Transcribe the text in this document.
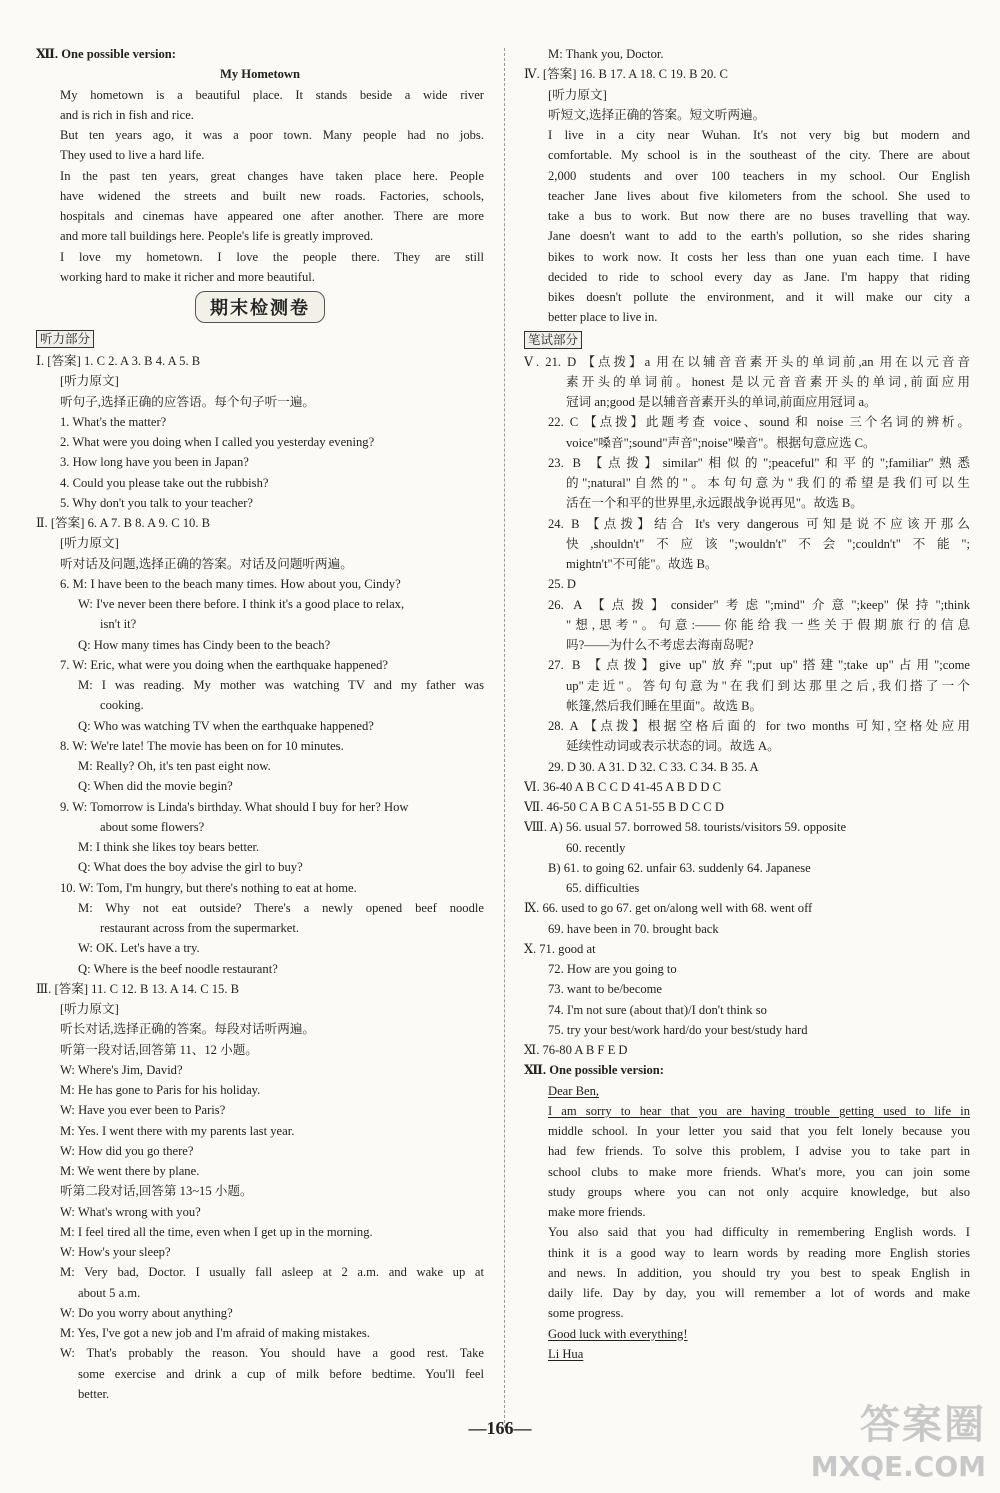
Ⅻ. One possible version:
My Hometown
My hometown is a beautiful place. It stands beside a wide river
and is rich in fish and rice.
But ten years ago, it was a poor town. Many people had no jobs.
They used to live a hard life.
In the past ten years, great changes have taken place here. People
have widened the streets and built new roads. Factories, schools,
hospitals and cinemas have appeared one after another. There are more
and more tall buildings here. People's life is greatly improved.
I love my hometown. I love the people there. They are still
working hard to make it richer and more beautiful.
期末检测卷
听力部分
Ⅰ. [答案] 1. C 2. A 3. B 4. A 5. B
[听力原文]
听句子,选择正确的应答语。每个句子听一遍。
1. What's the matter?
2. What were you doing when I called you yesterday evening?
3. How long have you been in Japan?
4. Could you please take out the rubbish?
5. Why don't you talk to your teacher?
Ⅱ. [答案] 6. A 7. B 8. A 9. C 10. B
[听力原文]
听对话及问题,选择正确的答案。对话及问题听两遍。
6. M: I have been to the beach many times. How about you, Cindy?
W: I've never been there before. I think it's a good place to relax,
isn't it?
Q: How many times has Cindy been to the beach?
7. W: Eric, what were you doing when the earthquake happened?
M: I was reading. My mother was watching TV and my father was
cooking.
Q: Who was watching TV when the earthquake happened?
8. W: We're late! The movie has been on for 10 minutes.
M: Really? Oh, it's ten past eight now.
Q: When did the movie begin?
9. W: Tomorrow is Linda's birthday. What should I buy for her? How
about some flowers?
M: I think she likes toy bears better.
Q: What does the boy advise the girl to buy?
10. W: Tom, I'm hungry, but there's nothing to eat at home.
M: Why not eat outside? There's a newly opened beef noodle
restaurant across from the supermarket.
W: OK. Let's have a try.
Q: Where is the beef noodle restaurant?
Ⅲ. [答案] 11. C 12. B 13. A 14. C 15. B
[听力原文]
听长对话,选择正确的答案。每段对话听两遍。
听第一段对话,回答第 11、12 小题。
W: Where's Jim, David?
M: He has gone to Paris for his holiday.
W: Have you ever been to Paris?
M: Yes. I went there with my parents last year.
W: How did you go there?
M: We went there by plane.
听第二段对话,回答第 13~15 小题。
W: What's wrong with you?
M: I feel tired all the time, even when I get up in the morning.
W: How's your sleep?
M: Very bad, Doctor. I usually fall asleep at 2 a.m. and wake up at
about 5 a.m.
W: Do you worry about anything?
M: Yes, I've got a new job and I'm afraid of making mistakes.
W: That's probably the reason. You should have a good rest. Take
some exercise and drink a cup of milk before bedtime. You'll feel
better.
M: Thank you, Doctor.
Ⅳ. [答案] 16. B 17. A 18. C 19. B 20. C
[听力原文]
听短文,选择正确的答案。短文听两遍。
I live in a city near Wuhan. It's not very big but modern and
comfortable. My school is in the southeast of the city. There are about
2,000 students and over 100 teachers in my school. Our English
teacher Jane lives about five kilometers from the school. She used to
take a bus to work. But now there are no buses travelling that way.
Jane doesn't want to add to the earth's pollution, so she rides sharing
bikes to work now. It costs her less than one yuan each time. I have
decided to ride to school every day as Jane. I'm happy that riding
bikes doesn't pollute the environment, and it will make our city a
better place to live in.
笔试部分
Ⅴ. 21. D 【点拨】a 用在以辅音音素开头的单词前,an 用在以元音音
素开头的单词前。honest 是以元音音素开头的单词,前面应用
冠词 an;good 是以辅音音素开头的单词,前面应用冠词 a。
22. C 【点拨】此题考查 voice、sound 和 noise 三个名词的辨析。
voice"嗓音";sound"声音";noise"噪音"。根据句意应选 C。
23. B 【点拨】similar"相似的";peaceful"和平的";familiar"熟悉
的";natural"自然的"。本句句意为"我们的希望是我们可以生
活在一个和平的世界里,永远跟战争说再见"。故选 B。
24. B 【点拨】结合 It's very dangerous 可知是说不应该开那么
快,shouldn't"不应该";wouldn't"不会";couldn't"不能";
mightn't"不可能"。故选 B。
25. D
26. A 【点拨】consider"考虑";mind"介意";keep"保持";think
"想,思考"。句意:——你能给我一些关于假期旅行的信息
吗?——为什么不考虑去海南岛呢?
27. B 【点拨】give up"放弃";put up"搭建";take up"占用";come
up"走近"。答句句意为"在我们到达那里之后,我们搭了一个
帐篷,然后我们睡在里面"。故选 B。
28. A 【点拨】根据空格后面的 for two months 可知,空格处应用
延续性动词或表示状态的词。故选 A。
29. D 30. A 31. D 32. C 33. C 34. B 35. A
Ⅵ. 36-40 A B C C D 41-45 A B D D C
Ⅶ. 46-50 C A B C A 51-55 B D C C D
Ⅷ. A) 56. usual 57. borrowed 58. tourists/visitors 59. opposite
60. recently
B) 61. to going 62. unfair 63. suddenly 64. Japanese
65. difficulties
Ⅸ. 66. used to go 67. get on/along well with 68. went off
69. have been in 70. brought back
Ⅹ. 71. good at
72. How are you going to
73. want to be/become
74. I'm not sure (about that)/I don't think so
75. try your best/work hard/do your best/study hard
Ⅺ. 76-80 A B F E D
Ⅻ. One possible version:
Dear Ben,
I am sorry to hear that you are having trouble getting used to life in
middle school. In your letter you said that you felt lonely because you
had few friends. To solve this problem, I advise you to take part in
school clubs to make more friends. What's more, you can join some
study groups where you can not only acquire knowledge, but also
make more friends.
You also said that you had difficulty in remembering English words. I
think it is a good way to learn words by reading more English stories
and news. In addition, you should try you best to speak English in
daily life. Day by day, you will remember a lot of words and make
some progress.
Good luck with everything!
Li Hua
—166—	答案圈
MXQE.COM
